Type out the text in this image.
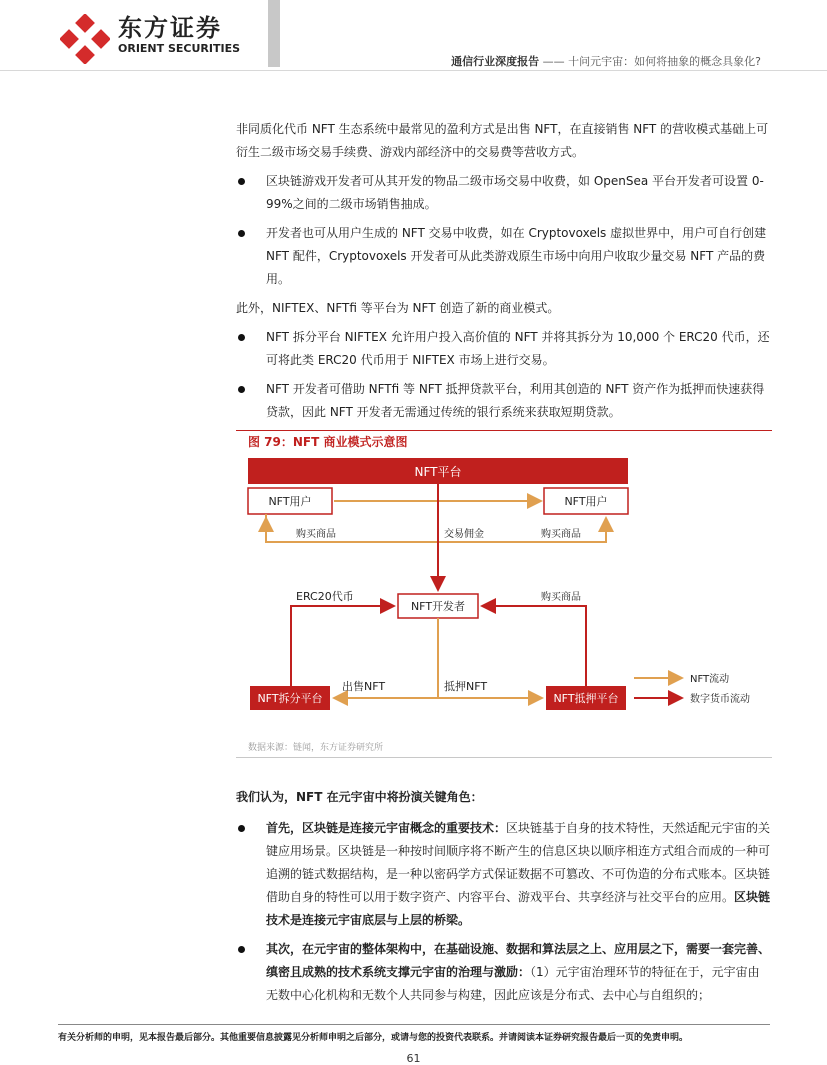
东方证券
ORIENT SECURITIES
通信行业深度报告 —— 十问元宇宙：如何将抽象的概念具象化?

非同质化代币 NFT 生态系统中最常见的盈利方式是出售 NFT，在直接销售 NFT 的营收模式基础上可衍生二级市场交易手续费、游戏内部经济中的交易费等营收方式。

区块链游戏开发者可从其开发的物品二级市场交易中收费，如 OpenSea 平台开发者可设置 0-99%之间的二级市场销售抽成。
开发者也可从用户生成的 NFT 交易中收费，如在 Cryptovoxels 虚拟世界中，用户可自行创建 NFT 配件，Cryptovoxels 开发者可从此类游戏原生市场中向用户收取少量交易 NFT 产品的费用。

此外，NIFTEX、NFTfi 等平台为 NFT 创造了新的商业模式。

NFT 拆分平台 NIFTEX 允许用户投入高价值的 NFT 并将其拆分为 10,000 个 ERC20 代币，还可将此类 ERC20 代币用于 NIFTEX 市场上进行交易。
NFT 开发者可借助 NFTfi 等 NFT 抵押贷款平台，利用其创造的 NFT 资产作为抵押而快速获得贷款，因此 NFT 开发者无需通过传统的银行系统来获取短期贷款。
图 79：NFT 商业模式示意图
NFT平台
NFT用户	NFT用户
购买商品	交易佣金	购买商品
NFT开发者
ERC20代币	购买商品
NFT拆分平台	NFT抵押平台
出售NFT	抵押NFT
NFT流动
数字货币流动
数据来源：链闻，东方证券研究所

我们认为，NFT 在元宇宙中将扮演关键角色：

首先，区块链是连接元宇宙概念的重要技术：区块链基于自身的技术特性，天然适配元宇宙的关键应用场景。区块链是一种按时间顺序将不断产生的信息区块以顺序相连方式组合而成的一种可追溯的链式数据结构，是一种以密码学方式保证数据不可篡改、不可伪造的分布式账本。区块链借助自身的特性可以用于数字资产、内容平台、游戏平台、共享经济与社交平台的应用。区块链技术是连接元宇宙底层与上层的桥梁。
其次，在元宇宙的整体架构中，在基础设施、数据和算法层之上、应用层之下，需要一套完善、缜密且成熟的技术系统支撑元宇宙的治理与激励：（1）元宇宙治理环节的特征在于，元宇宙由无数中心化机构和无数个人共同参与构建，因此应该是分布式、去中心与自组织的；
有关分析师的申明，见本报告最后部分。其他重要信息披露见分析师申明之后部分，或请与您的投资代表联系。并请阅读本证券研究报告最后一页的免责申明。
61
